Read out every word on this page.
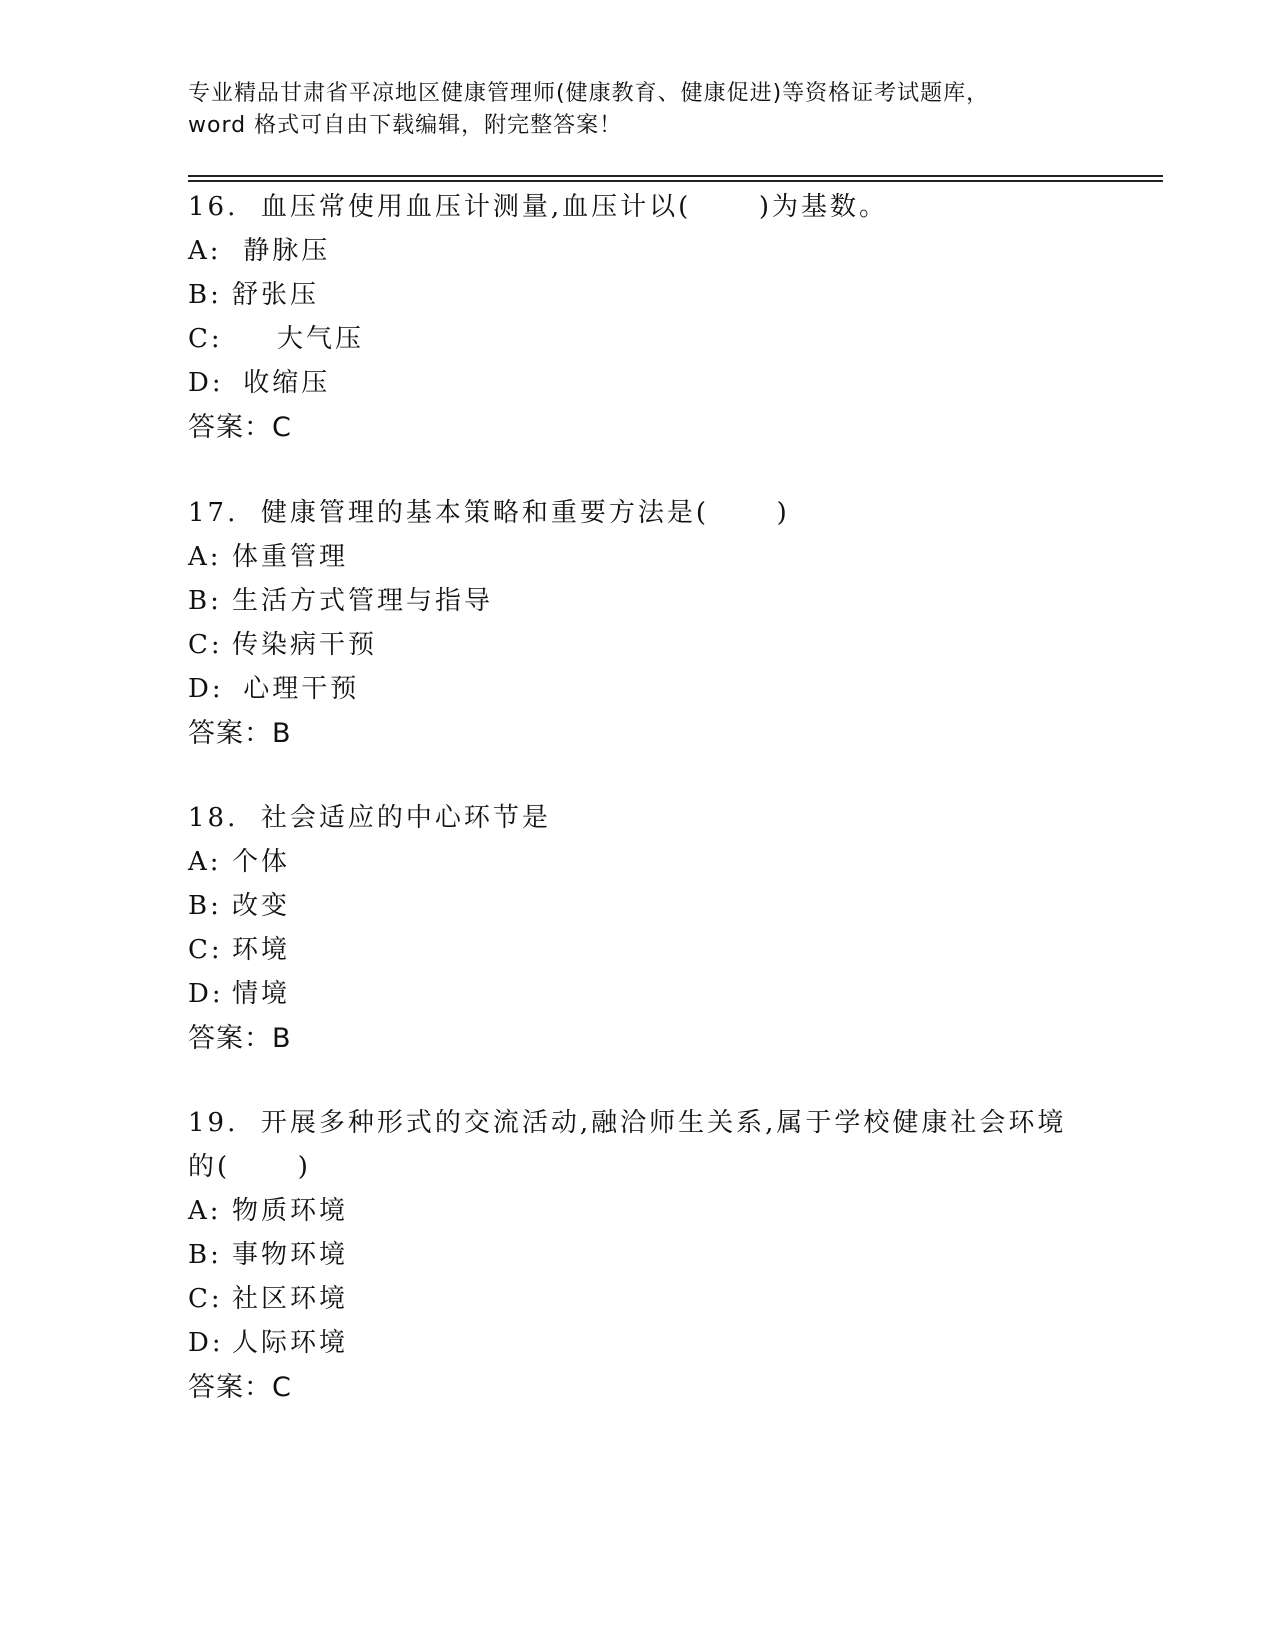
专业精品甘肃省平凉地区健康管理师(健康教育、健康促进)等资格证考试题库，
word 格式可自由下载编辑，附完整答案！
16.  血压常使用血压计测量,血压计以(      )为基数。
A: 静脉压
B: 舒张压
C:    大气压
D: 收缩压
答案：C
17.  健康管理的基本策略和重要方法是(      )
A: 体重管理
B: 生活方式管理与指导
C: 传染病干预
D: 心理干预
答案：B
18.  社会适应的中心环节是
A: 个体
B: 改变
C: 环境
D: 情境
答案：B
19.  开展多种形式的交流活动,融洽师生关系,属于学校健康社会环境
的(      )
A: 物质环境
B: 事物环境
C: 社区环境
D: 人际环境
答案：C
